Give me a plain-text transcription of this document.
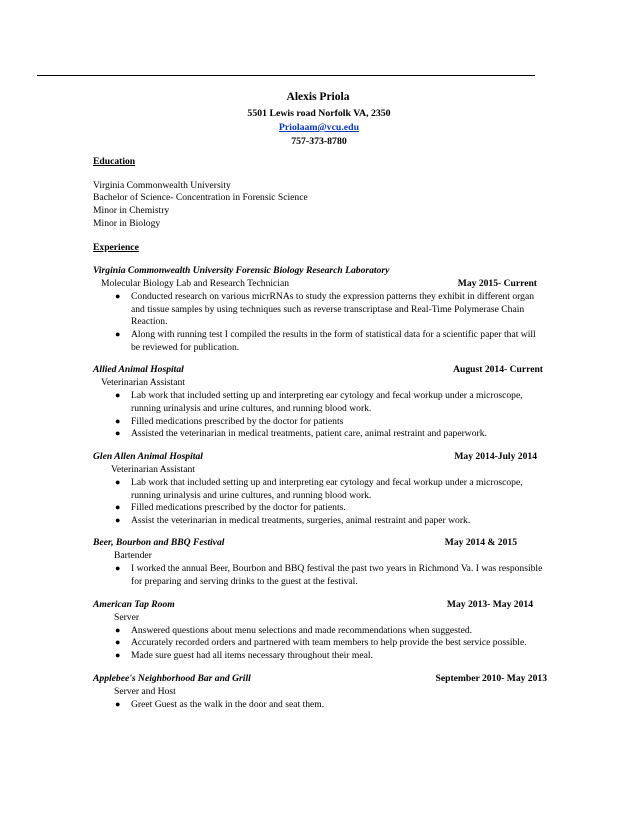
Alexis Priola
5501 Lewis road Norfolk VA, 2350
Priolaam@vcu.edu
757-373-8780
Education
Virginia Commonwealth University
Bachelor of Science- Concentration in Forensic Science
Minor in Chemistry
Minor in Biology
Experience
Virginia Commonwealth University Forensic Biology Research Laboratory
Molecular Biology Lab and Research Technician	May 2015- Current
● Conducted research on various micrRNAs to study the expression patterns they exhibit in different organ and tissue samples by using techniques such as reverse transcriptase and Real-Time Polymerase Chain Reaction.
● Along with running test I compiled the results in the form of statistical data for a scientific paper that will be reviewed for publication.
Allied Animal Hospital	August 2014- Current
Veterinarian Assistant
● Lab work that included setting up and interpreting ear cytology and fecal workup under a microscope, running urinalysis and urine cultures, and running blood work.
● Filled medications prescribed by the doctor for patients
● Assisted the veterinarian in medical treatments, patient care, animal restraint and paperwork.
Glen Allen Animal Hospital	May 2014-July 2014
Veterinarian Assistant
● Lab work that included setting up and interpreting ear cytology and fecal workup under a microscope, running urinalysis and urine cultures, and running blood work.
● Filled medications prescribed by the doctor for patients.
● Assist the veterinarian in medical treatments, surgeries, animal restraint and paper work.
Beer, Bourbon and BBQ Festival	May 2014 & 2015
Bartender
● I worked the annual Beer, Bourbon and BBQ festival the past two years in Richmond Va. I was responsible for preparing and serving drinks to the guest at the festival.
American Tap Room	May 2013- May 2014
Server
● Answered questions about menu selections and made recommendations when suggested.
● Accurately recorded orders and partnered with team members to help provide the best service possible.
● Made sure guest had all items necessary throughout their meal.
Applebee's Neighborhood Bar and Grill	September 2010- May 2013
Server and Host
● Greet Guest as the walk in the door and seat them.
